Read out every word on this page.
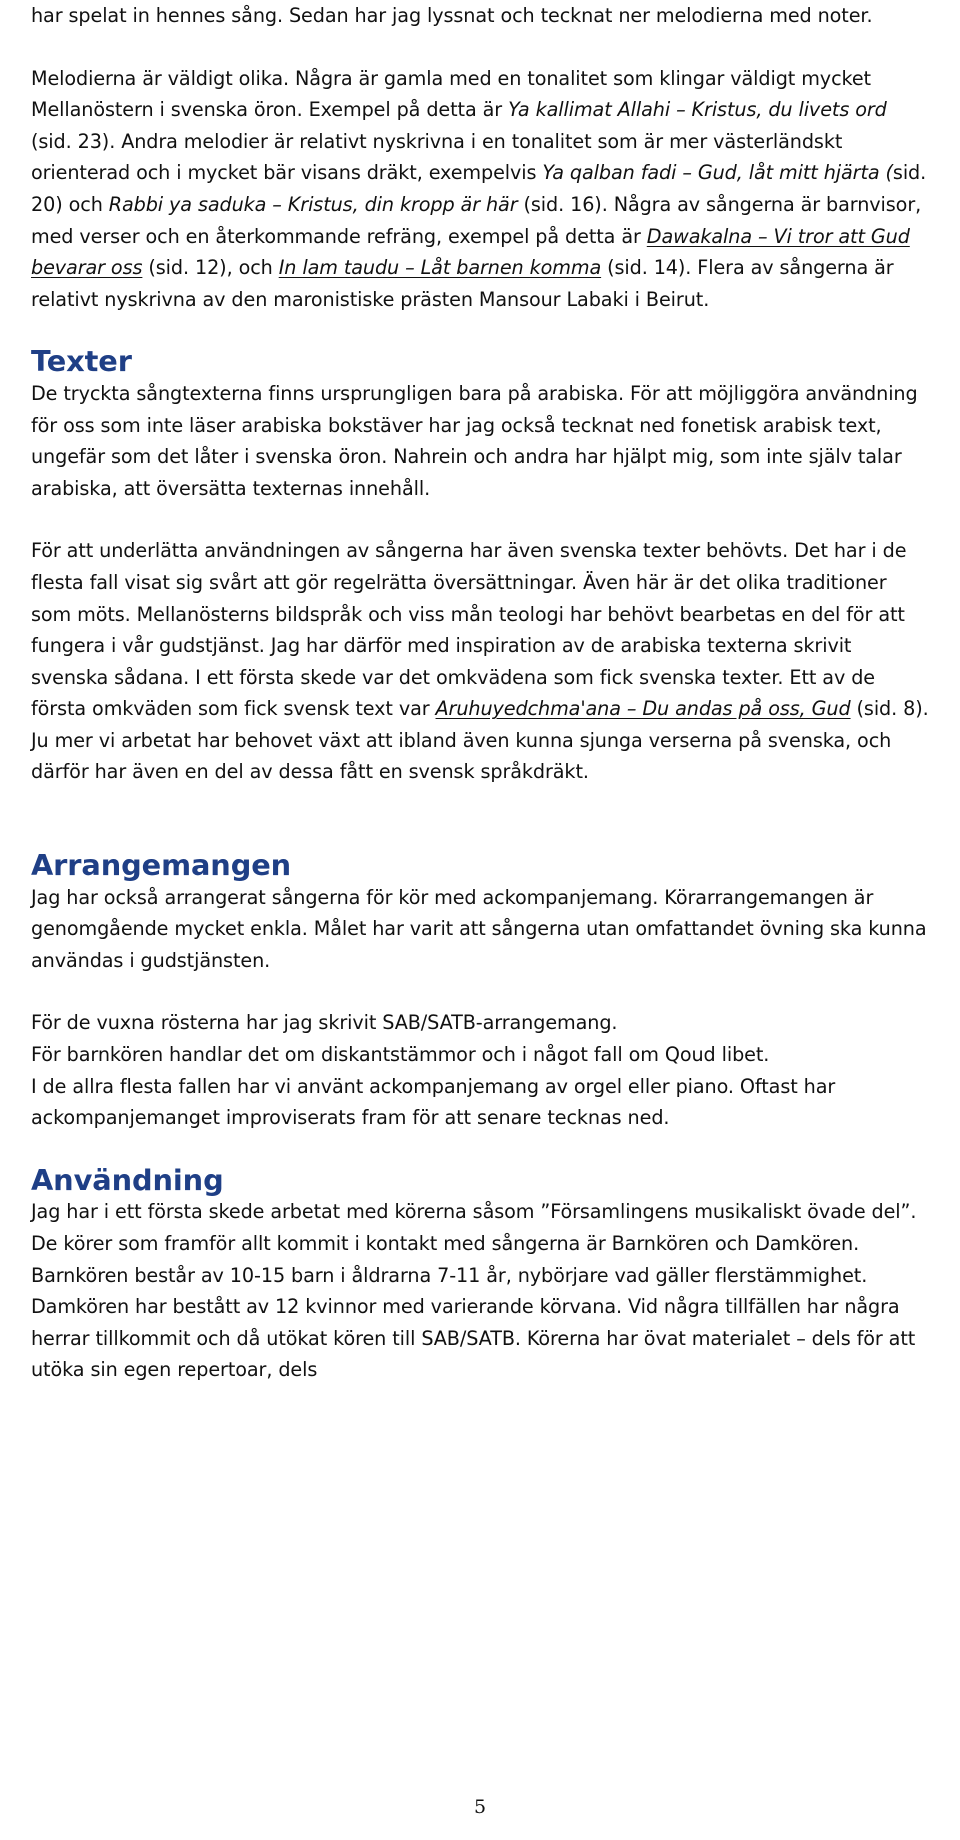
har spelat in hennes sång. Sedan har jag lyssnat och tecknat ner melodierna med noter.

Melodierna är väldigt olika. Några är gamla med en tonalitet som klingar väldigt mycket Mellanöstern i svenska öron. Exempel på detta är Ya kallimat Allahi – Kristus, du livets ord (sid. 23). Andra melodier är relativt nyskrivna i en tonalitet som är mer västerländskt orienterad och i mycket bär visans dräkt, exempelvis Ya qalban fadi – Gud, låt mitt hjärta (sid. 20) och Rabbi ya saduka – Kristus, din kropp är här (sid. 16). Några av sångerna är barnvisor, med verser och en återkommande refräng, exempel på detta är Dawakalna – Vi tror att Gud bevarar oss (sid. 12), och In lam taudu – Låt barnen komma (sid. 14). Flera av sångerna är relativt nyskrivna av den maronistiske prästen Mansour Labaki i Beirut.

Texter

De tryckta sångtexterna finns ursprungligen bara på arabiska. För att möjliggöra användning för oss som inte läser arabiska bokstäver har jag också tecknat ned fonetisk arabisk text, ungefär som det låter i svenska öron. Nahrein och andra har hjälpt mig, som inte själv talar arabiska, att översätta texternas innehåll.

För att underlätta användningen av sångerna har även svenska texter behövts. Det har i de flesta fall visat sig svårt att gör regelrätta översättningar. Även här är det olika traditioner som möts. Mellanösterns bildspråk och viss mån teologi har behövt bearbetas en del för att fungera i vår gudstjänst. Jag har därför med inspiration av de arabiska texterna skrivit svenska sådana. I ett första skede var det omkvädena som fick svenska texter. Ett av de första omkväden som fick svensk text var Aruhuyedchma'ana – Du andas på oss, Gud (sid. 8). Ju mer vi arbetat har behovet växt att ibland även kunna sjunga verserna på svenska, och därför har även en del av dessa fått en svensk språkdräkt.

Arrangemangen

Jag har också arrangerat sångerna för kör med ackompanjemang. Körarrangemangen är genomgående mycket enkla. Målet har varit att sångerna utan omfattandet övning ska kunna användas i gudstjänsten.

För de vuxna rösterna har jag skrivit SAB/SATB-arrangemang.
För barnkören handlar det om diskantstämmor och i något fall om Qoud libet.
I de allra flesta fallen har vi använt ackompanjemang av orgel eller piano. Oftast har ackompanjemanget improviserats fram för att senare tecknas ned.

Användning

Jag har i ett första skede arbetat med körerna såsom ”Församlingens musikaliskt övade del”. De körer som framför allt kommit i kontakt med sångerna är Barnkören och Damkören. Barnkören består av 10-15 barn i åldrarna 7-11 år, nybörjare vad gäller flerstämmighet. Damkören har bestått av 12 kvinnor med varierande körvana. Vid några tillfällen har några herrar tillkommit och då utökat kören till SAB/SATB. Körerna har övat materialet – dels för att utöka sin egen repertoar, dels

5
